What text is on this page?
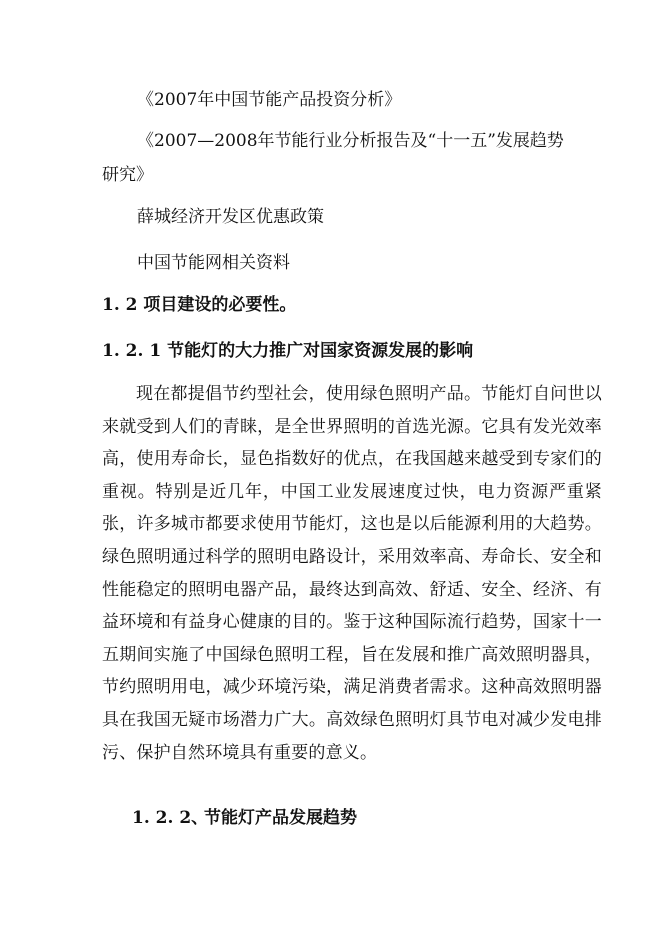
《2007年中国节能产品投资分析》
《2007—2008年节能行业分析报告及“十一五”发展趋势
研究》
薛城经济开发区优惠政策
中国节能网相关资料
1. 2 项目建设的必要性。
1. 2. 1 节能灯的大力推广对国家资源发展的影响
现在都提倡节约型社会，使用绿色照明产品。节能灯自问世以来就受到人们的青睐，是全世界照明的首选光源。它具有发光效率高，使用寿命长，显色指数好的优点，在我国越来越受到专家们的重视。特别是近几年，中国工业发展速度过快，电力资源严重紧张，许多城市都要求使用节能灯，这也是以后能源利用的大趋势。绿色照明通过科学的照明电路设计，采用效率高、寿命长、安全和性能稳定的照明电器产品，最终达到高效、舒适、安全、经济、有益环境和有益身心健康的目的。鉴于这种国际流行趋势，国家十一五期间实施了中国绿色照明工程，旨在发展和推广高效照明器具，节约照明用电，减少环境污染，满足消费者需求。这种高效照明器具在我国无疑市场潜力广大。高效绿色照明灯具节电对减少发电排污、保护自然环境具有重要的意义。
1. 2. 2、节能灯产品发展趋势
